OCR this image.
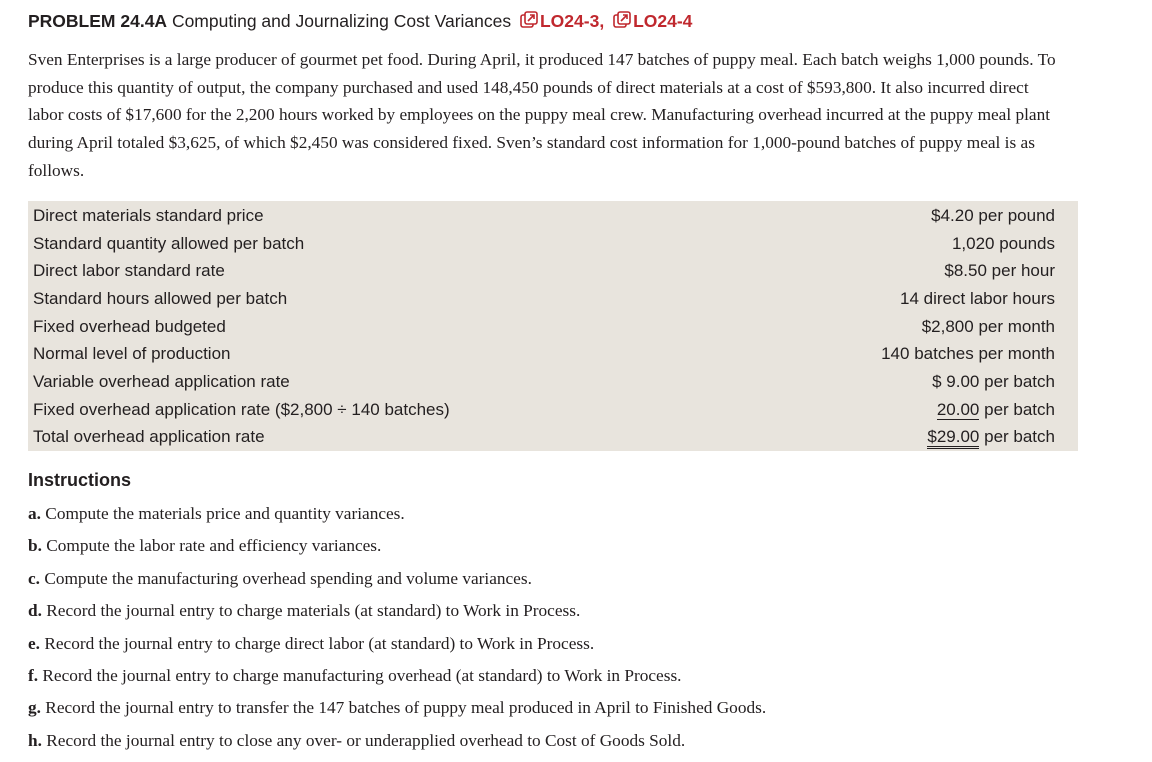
PROBLEM 24.4A Computing and Journalizing Cost Variances LO24-3, LO24-4
Sven Enterprises is a large producer of gourmet pet food. During April, it produced 147 batches of puppy meal. Each batch weighs 1,000 pounds. To produce this quantity of output, the company purchased and used 148,450 pounds of direct materials at a cost of $593,800. It also incurred direct labor costs of $17,600 for the 2,200 hours worked by employees on the puppy meal crew. Manufacturing overhead incurred at the puppy meal plant during April totaled $3,625, of which $2,450 was considered fixed. Sven’s standard cost information for 1,000-pound batches of puppy meal is as follows.
Direct materials standard price	$4.20 per pound
Standard quantity allowed per batch	1,020 pounds
Direct labor standard rate	$8.50 per hour
Standard hours allowed per batch	14 direct labor hours
Fixed overhead budgeted	$2,800 per month
Normal level of production	140 batches per month
Variable overhead application rate	$ 9.00 per batch
Fixed overhead application rate ($2,800 ÷ 140 batches)	20.00 per batch
Total overhead application rate	$29.00 per batch
Instructions
a. Compute the materials price and quantity variances.
b. Compute the labor rate and efficiency variances.
c. Compute the manufacturing overhead spending and volume variances.
d. Record the journal entry to charge materials (at standard) to Work in Process.
e. Record the journal entry to charge direct labor (at standard) to Work in Process.
f. Record the journal entry to charge manufacturing overhead (at standard) to Work in Process.
g. Record the journal entry to transfer the 147 batches of puppy meal produced in April to Finished Goods.
h. Record the journal entry to close any over- or underapplied overhead to Cost of Goods Sold.
